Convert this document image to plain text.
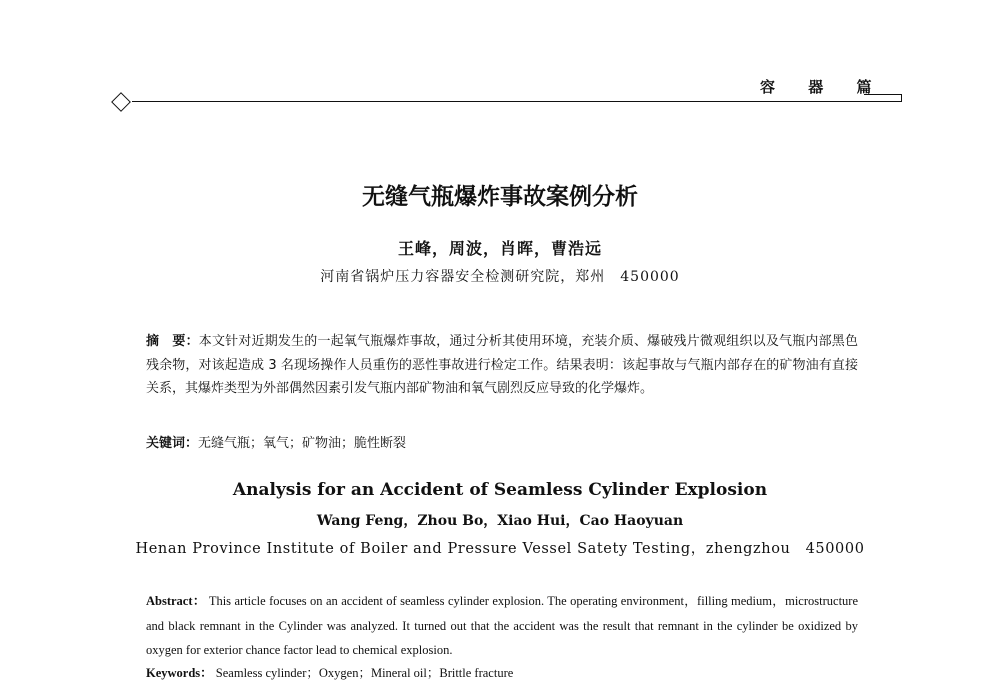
容 器 篇
无缝气瓶爆炸事故案例分析
王峰，周波，肖晖，曹浩远
河南省锅炉压力容器安全检测研究院，郑州　450000
摘　要：本文针对近期发生的一起氧气瓶爆炸事故，通过分析其使用环境，充装介质、爆破残片微观组织以及气瓶内部黑色残余物，对该起造成 3 名现场操作人员重伤的恶性事故进行检定工作。结果表明：该起事故与气瓶内部存在的矿物油有直接关系，其爆炸类型为外部偶然因素引发气瓶内部矿物油和氧气剧烈反应导致的化学爆炸。
关键词：无缝气瓶；氧气；矿物油；脆性断裂
Analysis for an Accident of Seamless Cylinder Explosion
Wang Feng，Zhou Bo，Xiao Hui，Cao Haoyuan
Henan Province Institute of Boiler and Pressure Vessel Satety Testing，zhengzhou　450000
Abstract： This article focuses on an accident of seamless cylinder explosion. The operating environment，filling medium，microstructure and black remnant in the Cylinder was analyzed. It turned out that the accident was the result that remnant in the cylinder be oxidized by oxygen for exterior chance factor lead to chemical explosion.
Keywords： Seamless cylinder；Oxygen；Mineral oil；Brittle fracture
